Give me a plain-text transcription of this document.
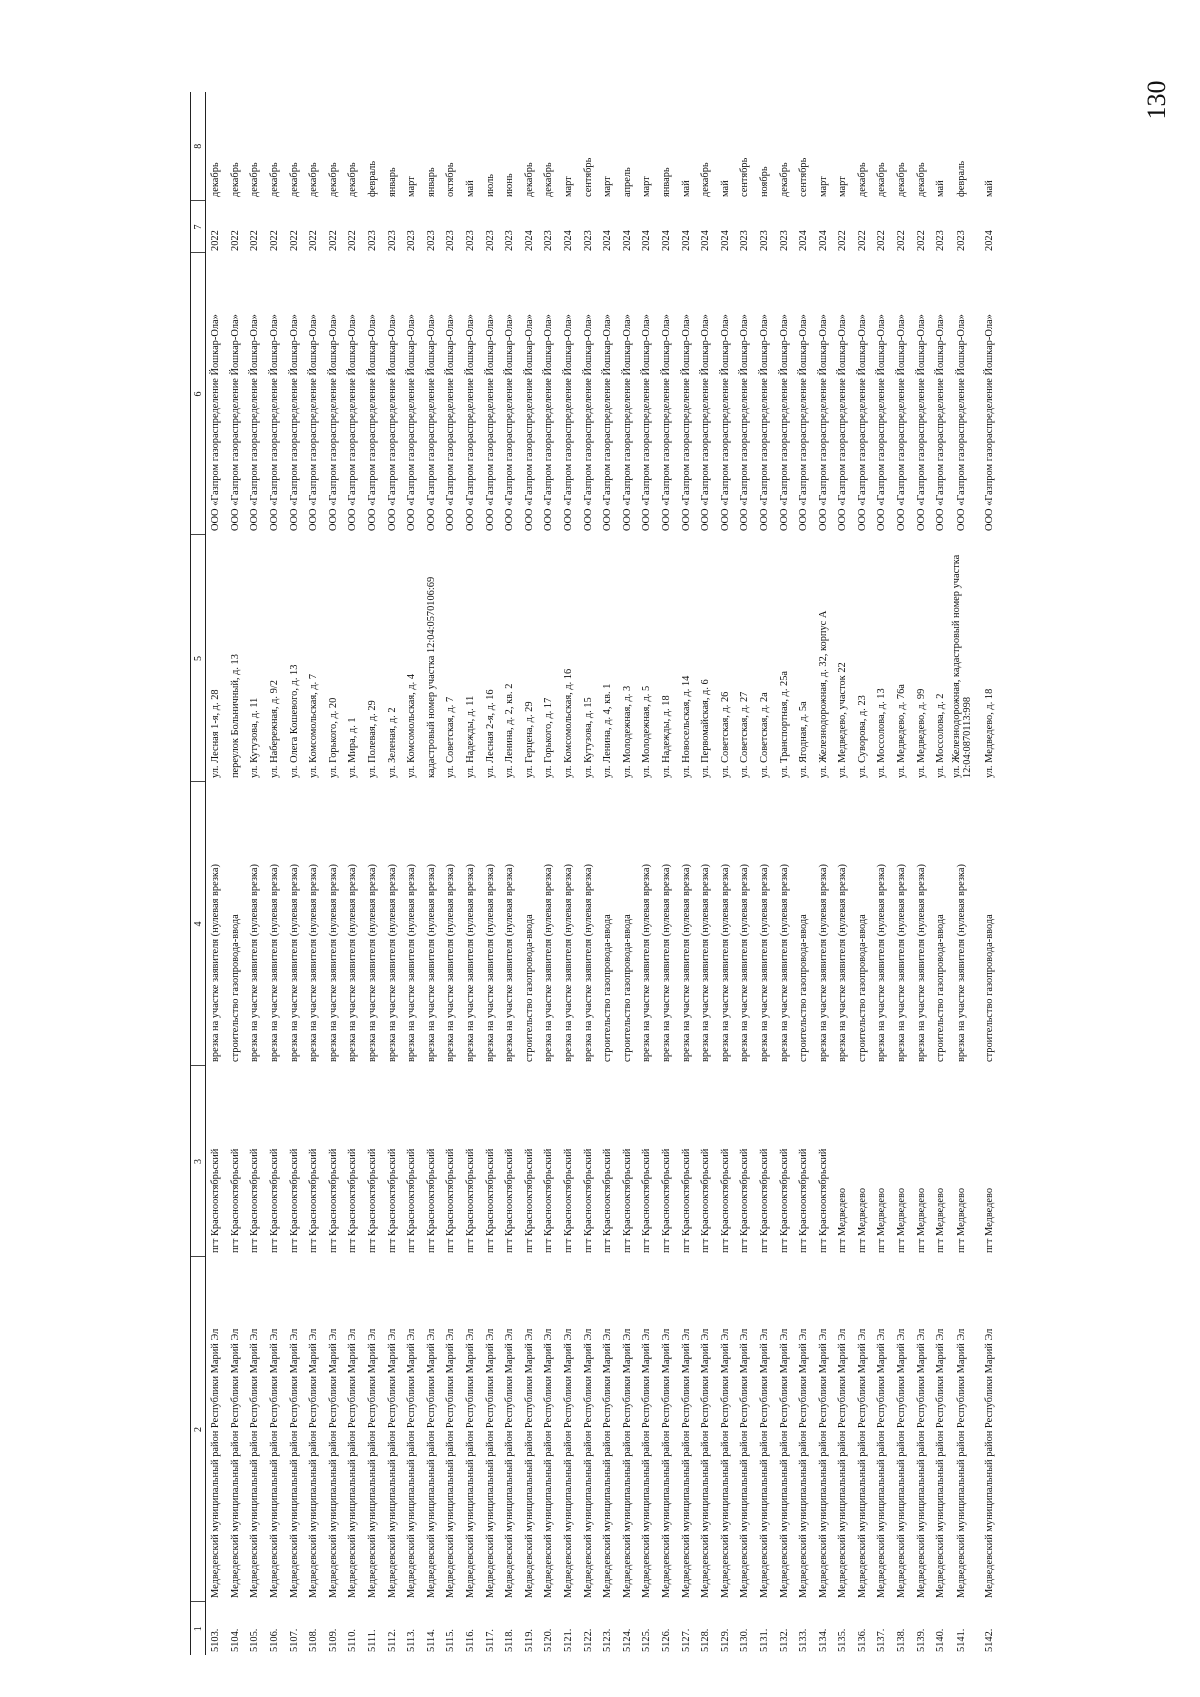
130
1	2	3	4	5	6	7	8
5103.	Медведевский муниципальный район Республики Марий Эл	пгт Краснооктябрьский	врезка на участке заявителя (нулевая врезка)	ул. Лесная 1-я, д. 28	ООО «Газпром газораспределение Йошкар-Ола»	2022	декабрь
5104.	Медведевский муниципальный район Республики Марий Эл	пгт Краснооктябрьский	строительство газопровода-ввода	переулок Больничный, д. 13	ООО «Газпром газораспределение Йошкар-Ола»	2022	декабрь
5105.	Медведевский муниципальный район Республики Марий Эл	пгт Краснооктябрьский	врезка на участке заявителя (нулевая врезка)	ул. Кутузова, д. 11	ООО «Газпром газораспределение Йошкар-Ола»	2022	декабрь
5106.	Медведевский муниципальный район Республики Марий Эл	пгт Краснооктябрьский	врезка на участке заявителя (нулевая врезка)	ул. Набережная, д. 9/2	ООО «Газпром газораспределение Йошкар-Ола»	2022	декабрь
5107.	Медведевский муниципальный район Республики Марий Эл	пгт Краснооктябрьский	врезка на участке заявителя (нулевая врезка)	ул. Олега Кошевого, д. 13	ООО «Газпром газораспределение Йошкар-Ола»	2022	декабрь
5108.	Медведевский муниципальный район Республики Марий Эл	пгт Краснооктябрьский	врезка на участке заявителя (нулевая врезка)	ул. Комсомольская, д. 7	ООО «Газпром газораспределение Йошкар-Ола»	2022	декабрь
5109.	Медведевский муниципальный район Республики Марий Эл	пгт Краснооктябрьский	врезка на участке заявителя (нулевая врезка)	ул. Горького, д. 20	ООО «Газпром газораспределение Йошкар-Ола»	2022	декабрь
5110.	Медведевский муниципальный район Республики Марий Эл	пгт Краснооктябрьский	врезка на участке заявителя (нулевая врезка)	ул. Мира, д. 1	ООО «Газпром газораспределение Йошкар-Ола»	2022	декабрь
5111.	Медведевский муниципальный район Республики Марий Эл	пгт Краснооктябрьский	врезка на участке заявителя (нулевая врезка)	ул. Полевая, д. 29	ООО «Газпром газораспределение Йошкар-Ола»	2023	февраль
5112.	Медведевский муниципальный район Республики Марий Эл	пгт Краснооктябрьский	врезка на участке заявителя (нулевая врезка)	ул. Зеленая, д. 2	ООО «Газпром газораспределение Йошкар-Ола»	2023	январь
5113.	Медведевский муниципальный район Республики Марий Эл	пгт Краснооктябрьский	врезка на участке заявителя (нулевая врезка)	ул. Комсомольская, д. 4	ООО «Газпром газораспределение Йошкар-Ола»	2023	март
5114.	Медведевский муниципальный район Республики Марий Эл	пгт Краснооктябрьский	врезка на участке заявителя (нулевая врезка)	кадастровый номер участка 12:04:0570106:69	ООО «Газпром газораспределение Йошкар-Ола»	2023	январь
5115.	Медведевский муниципальный район Республики Марий Эл	пгт Краснооктябрьский	врезка на участке заявителя (нулевая врезка)	ул. Советская, д. 7	ООО «Газпром газораспределение Йошкар-Ола»	2023	октябрь
5116.	Медведевский муниципальный район Республики Марий Эл	пгт Краснооктябрьский	врезка на участке заявителя (нулевая врезка)	ул. Надежды, д. 11	ООО «Газпром газораспределение Йошкар-Ола»	2023	май
5117.	Медведевский муниципальный район Республики Марий Эл	пгт Краснооктябрьский	врезка на участке заявителя (нулевая врезка)	ул. Лесная 2-я, д. 16	ООО «Газпром газораспределение Йошкар-Ола»	2023	июль
5118.	Медведевский муниципальный район Республики Марий Эл	пгт Краснооктябрьский	врезка на участке заявителя (нулевая врезка)	ул. Ленина, д. 2, кв. 2	ООО «Газпром газораспределение Йошкар-Ола»	2023	июнь
5119.	Медведевский муниципальный район Республики Марий Эл	пгт Краснооктябрьский	строительство газопровода-ввода	ул. Герцена, д. 29	ООО «Газпром газораспределение Йошкар-Ола»	2024	декабрь
5120.	Медведевский муниципальный район Республики Марий Эл	пгт Краснооктябрьский	врезка на участке заявителя (нулевая врезка)	ул. Горького, д. 17	ООО «Газпром газораспределение Йошкар-Ола»	2023	декабрь
5121.	Медведевский муниципальный район Республики Марий Эл	пгт Краснооктябрьский	врезка на участке заявителя (нулевая врезка)	ул. Комсомольская, д. 16	ООО «Газпром газораспределение Йошкар-Ола»	2024	март
5122.	Медведевский муниципальный район Республики Марий Эл	пгт Краснооктябрьский	врезка на участке заявителя (нулевая врезка)	ул. Кутузова, д. 15	ООО «Газпром газораспределение Йошкар-Ола»	2023	сентябрь
5123.	Медведевский муниципальный район Республики Марий Эл	пгт Краснооктябрьский	строительство газопровода-ввода	ул. Ленина, д. 4, кв. 1	ООО «Газпром газораспределение Йошкар-Ола»	2024	март
5124.	Медведевский муниципальный район Республики Марий Эл	пгт Краснооктябрьский	строительство газопровода-ввода	ул. Молодежная, д. 3	ООО «Газпром газораспределение Йошкар-Ола»	2024	апрель
5125.	Медведевский муниципальный район Республики Марий Эл	пгт Краснооктябрьский	врезка на участке заявителя (нулевая врезка)	ул. Молодежная, д. 5	ООО «Газпром газораспределение Йошкар-Ола»	2024	март
5126.	Медведевский муниципальный район Республики Марий Эл	пгт Краснооктябрьский	врезка на участке заявителя (нулевая врезка)	ул. Надежды, д. 18	ООО «Газпром газораспределение Йошкар-Ола»	2024	январь
5127.	Медведевский муниципальный район Республики Марий Эл	пгт Краснооктябрьский	врезка на участке заявителя (нулевая врезка)	ул. Новосельская, д. 14	ООО «Газпром газораспределение Йошкар-Ола»	2024	май
5128.	Медведевский муниципальный район Республики Марий Эл	пгт Краснооктябрьский	врезка на участке заявителя (нулевая врезка)	ул. Первомайская, д. 6	ООО «Газпром газораспределение Йошкар-Ола»	2024	декабрь
5129.	Медведевский муниципальный район Республики Марий Эл	пгт Краснооктябрьский	врезка на участке заявителя (нулевая врезка)	ул. Советская, д. 26	ООО «Газпром газораспределение Йошкар-Ола»	2024	май
5130.	Медведевский муниципальный район Республики Марий Эл	пгт Краснооктябрьский	врезка на участке заявителя (нулевая врезка)	ул. Советская, д. 27	ООО «Газпром газораспределение Йошкар-Ола»	2023	сентябрь
5131.	Медведевский муниципальный район Республики Марий Эл	пгт Краснооктябрьский	врезка на участке заявителя (нулевая врезка)	ул. Советская, д. 2а	ООО «Газпром газораспределение Йошкар-Ола»	2023	ноябрь
5132.	Медведевский муниципальный район Республики Марий Эл	пгт Краснооктябрьский	врезка на участке заявителя (нулевая врезка)	ул. Транспортная, д. 25а	ООО «Газпром газораспределение Йошкар-Ола»	2023	декабрь
5133.	Медведевский муниципальный район Республики Марий Эл	пгт Краснооктябрьский	строительство газопровода-ввода	ул. Ягодная, д. 5а	ООО «Газпром газораспределение Йошкар-Ола»	2024	сентябрь
5134.	Медведевский муниципальный район Республики Марий Эл	пгт Краснооктябрьский	врезка на участке заявителя (нулевая врезка)	ул. Железнодорожная, д. 32, корпус А	ООО «Газпром газораспределение Йошкар-Ола»	2024	март
5135.	Медведевский муниципальный район Республики Марий Эл	пгт Медведево	врезка на участке заявителя (нулевая врезка)	ул. Медведево, участок 22	ООО «Газпром газораспределение Йошкар-Ола»	2022	март
5136.	Медведевский муниципальный район Республики Марий Эл	пгт Медведево	строительство газопровода-ввода	ул. Суворова, д. 23	ООО «Газпром газораспределение Йошкар-Ола»	2022	декабрь
5137.	Медведевский муниципальный район Республики Марий Эл	пгт Медведево	врезка на участке заявителя (нулевая врезка)	ул. Моссолова, д. 13	ООО «Газпром газораспределение Йошкар-Ола»	2022	декабрь
5138.	Медведевский муниципальный район Республики Марий Эл	пгт Медведево	врезка на участке заявителя (нулевая врезка)	ул. Медведево, д. 76а	ООО «Газпром газораспределение Йошкар-Ола»	2022	декабрь
5139.	Медведевский муниципальный район Республики Марий Эл	пгт Медведево	врезка на участке заявителя (нулевая врезка)	ул. Медведево, д. 99	ООО «Газпром газораспределение Йошкар-Ола»	2022	декабрь
5140.	Медведевский муниципальный район Республики Марий Эл	пгт Медведево	строительство газопровода-ввода	ул. Моссолова, д. 2	ООО «Газпром газораспределение Йошкар-Ола»	2023	май
5141.	Медведевский муниципальный район Республики Марий Эл	пгт Медведево	врезка на участке заявителя (нулевая врезка)	ул. Железнодорожная, кадастровый номер участка 12:04:0870113:998	ООО «Газпром газораспределение Йошкар-Ола»	2023	февраль
5142.	Медведевский муниципальный район Республики Марий Эл	пгт Медведево	строительство газопровода-ввода	ул. Медведево, д. 18	ООО «Газпром газораспределение Йошкар-Ола»	2024	май
